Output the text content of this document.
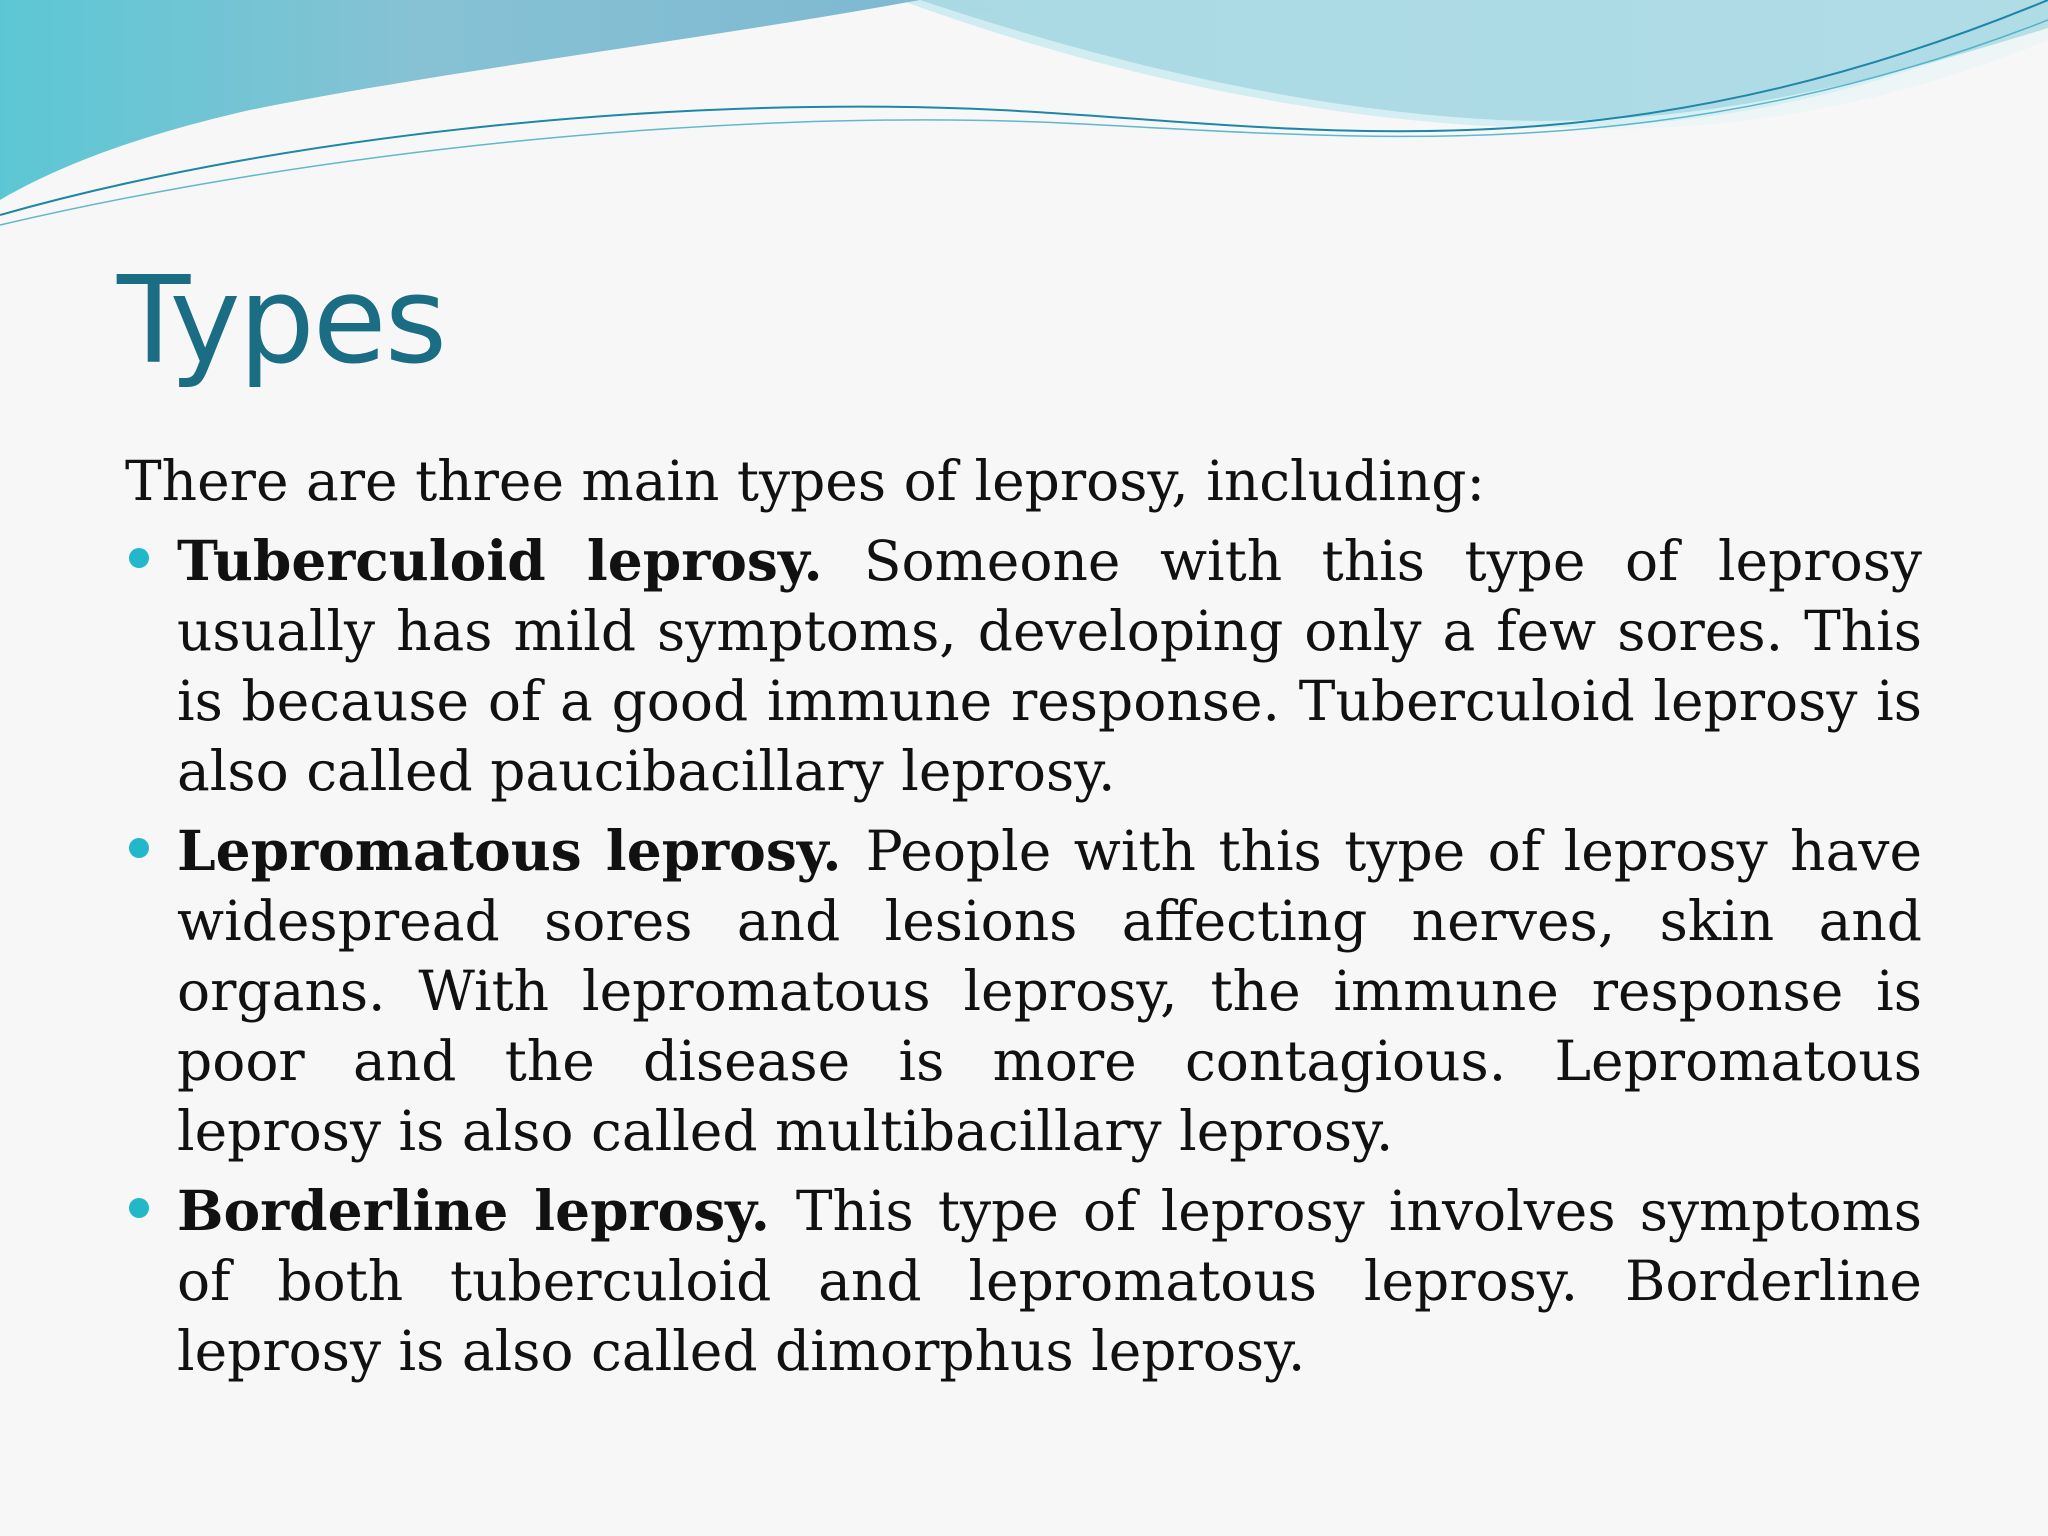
Types

There are three main types of leprosy, including:

Tuberculoid leprosy. Someone with this type of leprosy usually has mild symptoms, developing only a few sores. This is because of a good immune response. Tuberculoid leprosy is also called paucibacillary leprosy.
Lepromatous leprosy. People with this type of leprosy have widespread sores and lesions affecting nerves, skin and organs. With lepromatous leprosy, the immune response is poor and the disease is more contagious. Lepromatous leprosy is also called multibacillary leprosy.
Borderline leprosy. This type of leprosy involves symptoms of both tuberculoid and lepromatous leprosy. Borderline leprosy is also called dimorphus leprosy.
